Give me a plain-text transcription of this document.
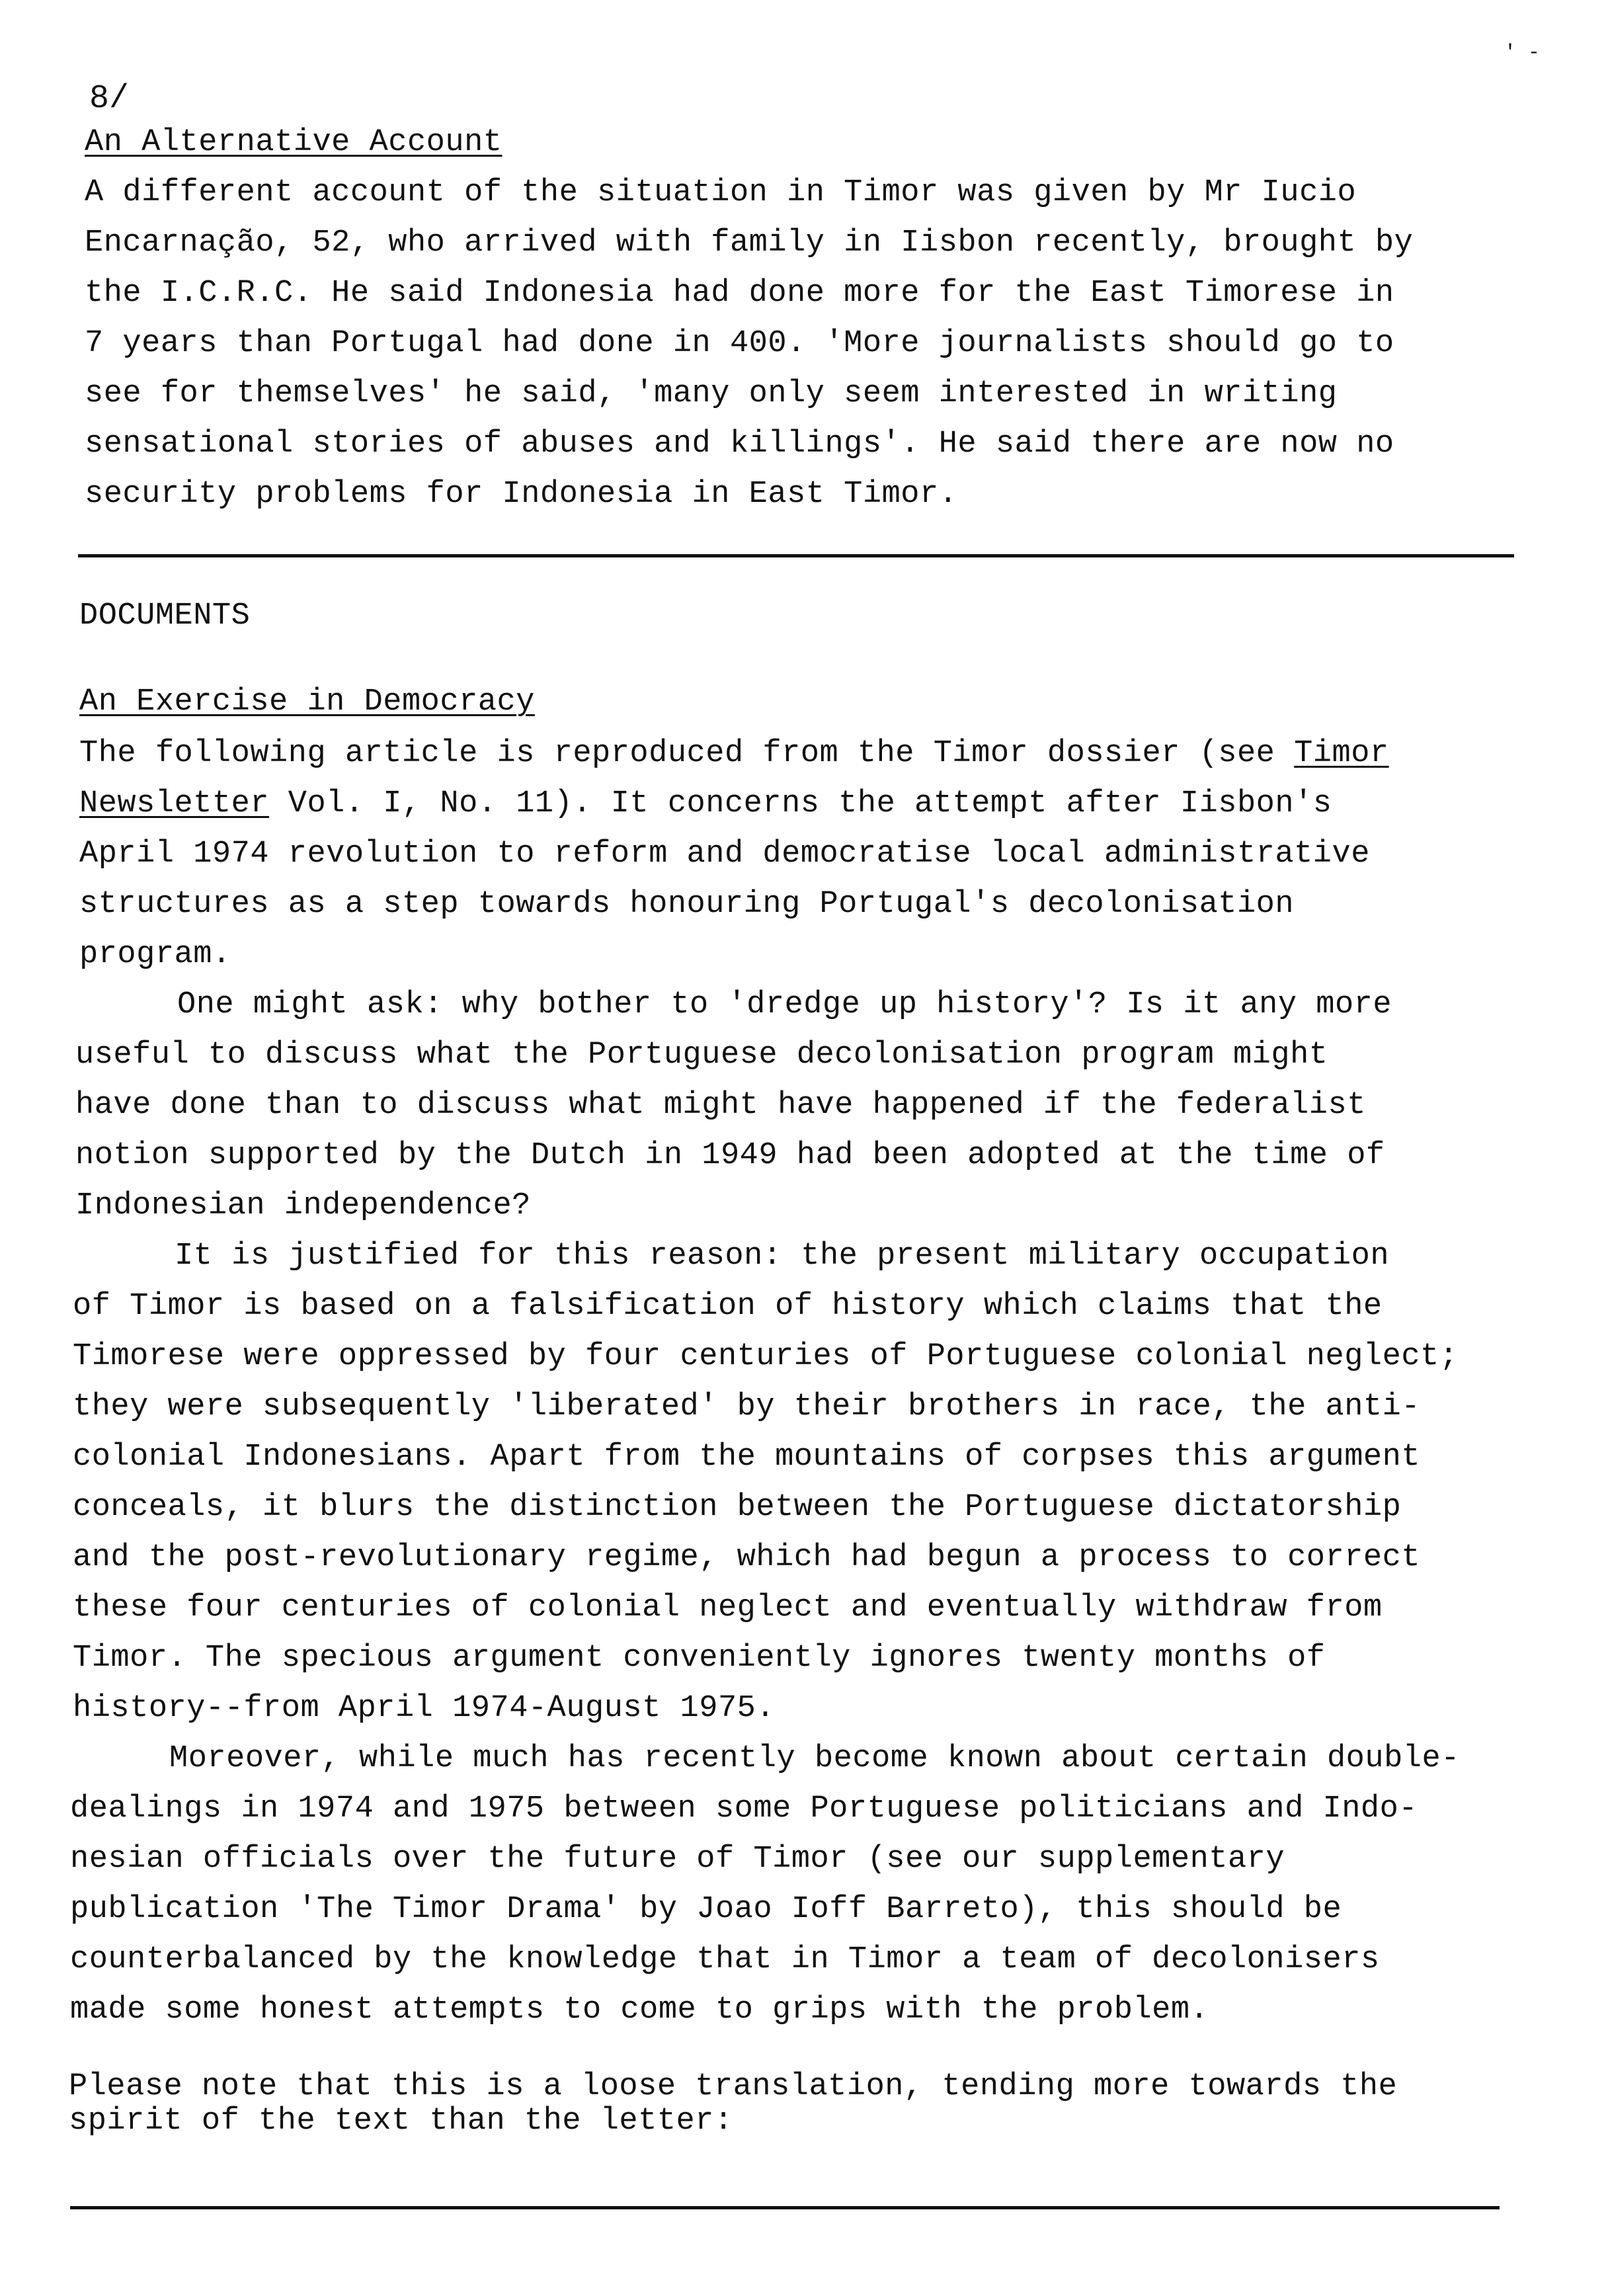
8/
' -
An Alternative Account
A different account of the situation in Timor was given by Mr Iucio
Encarnação, 52, who arrived with family in Iisbon recently, brought by
the I.C.R.C. He said Indonesia had done more for the East Timorese in
7 years than Portugal had done in 400. 'More journalists should go to
see for themselves' he said, 'many only seem interested in writing
sensational stories of abuses and killings'. He said there are now no
security problems for Indonesia in East Timor.
DOCUMENTS
An Exercise in Democracy
The following article is reproduced from the Timor dossier (see Timor
Newsletter Vol. I, No. 11). It concerns the attempt after Iisbon's
April 1974 revolution to reform and democratise local administrative
structures as a step towards honouring Portugal's decolonisation
program.
One might ask: why bother to 'dredge up history'? Is it any more
useful to discuss what the Portuguese decolonisation program might
have done than to discuss what might have happened if the federalist
notion supported by the Dutch in 1949 had been adopted at the time of
Indonesian independence?
It is justified for this reason: the present military occupation
of Timor is based on a falsification of history which claims that the
Timorese were oppressed by four centuries of Portuguese colonial neglect;
they were subsequently 'liberated' by their brothers in race, the anti-
colonial Indonesians. Apart from the mountains of corpses this argument
conceals, it blurs the distinction between the Portuguese dictatorship
and the post-revolutionary regime, which had begun a process to correct
these four centuries of colonial neglect and eventually withdraw from
Timor. The specious argument conveniently ignores twenty months of
history--from April 1974-August 1975.
Moreover, while much has recently become known about certain double-
dealings in 1974 and 1975 between some Portuguese politicians and Indo-
nesian officials over the future of Timor (see our supplementary
publication 'The Timor Drama' by Joao Ioff Barreto), this should be
counterbalanced by the knowledge that in Timor a team of decolonisers
made some honest attempts to come to grips with the problem.
Please note that this is a loose translation, tending more towards the
spirit of the text than the letter:
